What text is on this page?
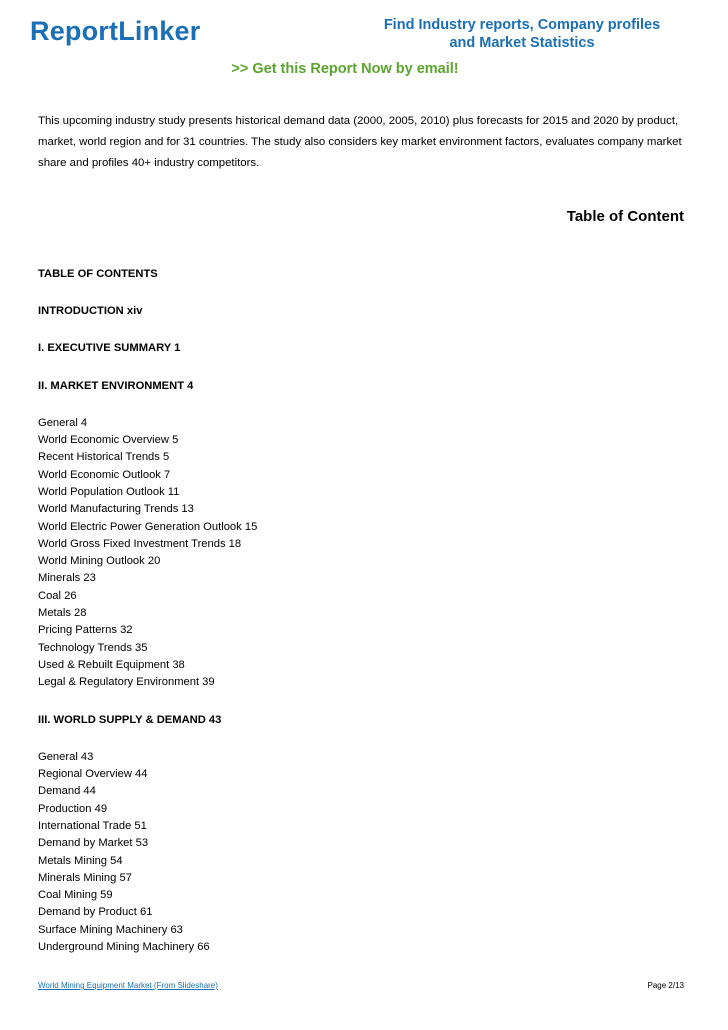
ReportLinker	Find Industry reports, Company profiles
and Market Statistics
>> Get this Report Now by email!

This upcoming industry study presents historical demand data (2000, 2005, 2010) plus forecasts for 2015 and 2020 by product, market, world region and for 31 countries. The study also considers key market environment factors, evaluates company market share and profiles 40+ industry competitors.

Table of Content
TABLE OF CONTENTS
INTRODUCTION xiv
I. EXECUTIVE SUMMARY 1
II. MARKET ENVIRONMENT 4
General 4
World Economic Overview 5
Recent Historical Trends 5
World Economic Outlook 7
World Population Outlook 11
World Manufacturing Trends 13
World Electric Power Generation Outlook 15
World Gross Fixed Investment Trends 18
World Mining Outlook 20
Minerals 23
Coal 26
Metals 28
Pricing Patterns 32
Technology Trends 35
Used & Rebuilt Equipment 38
Legal & Regulatory Environment 39
III. WORLD SUPPLY & DEMAND 43
General 43
Regional Overview 44
Demand 44
Production 49
International Trade 51
Demand by Market 53
Metals Mining 54
Minerals Mining 57
Coal Mining 59
Demand by Product 61
Surface Mining Machinery 63
Underground Mining Machinery 66
World Mining Equipment Market (From Slideshare)	Page 2/13
